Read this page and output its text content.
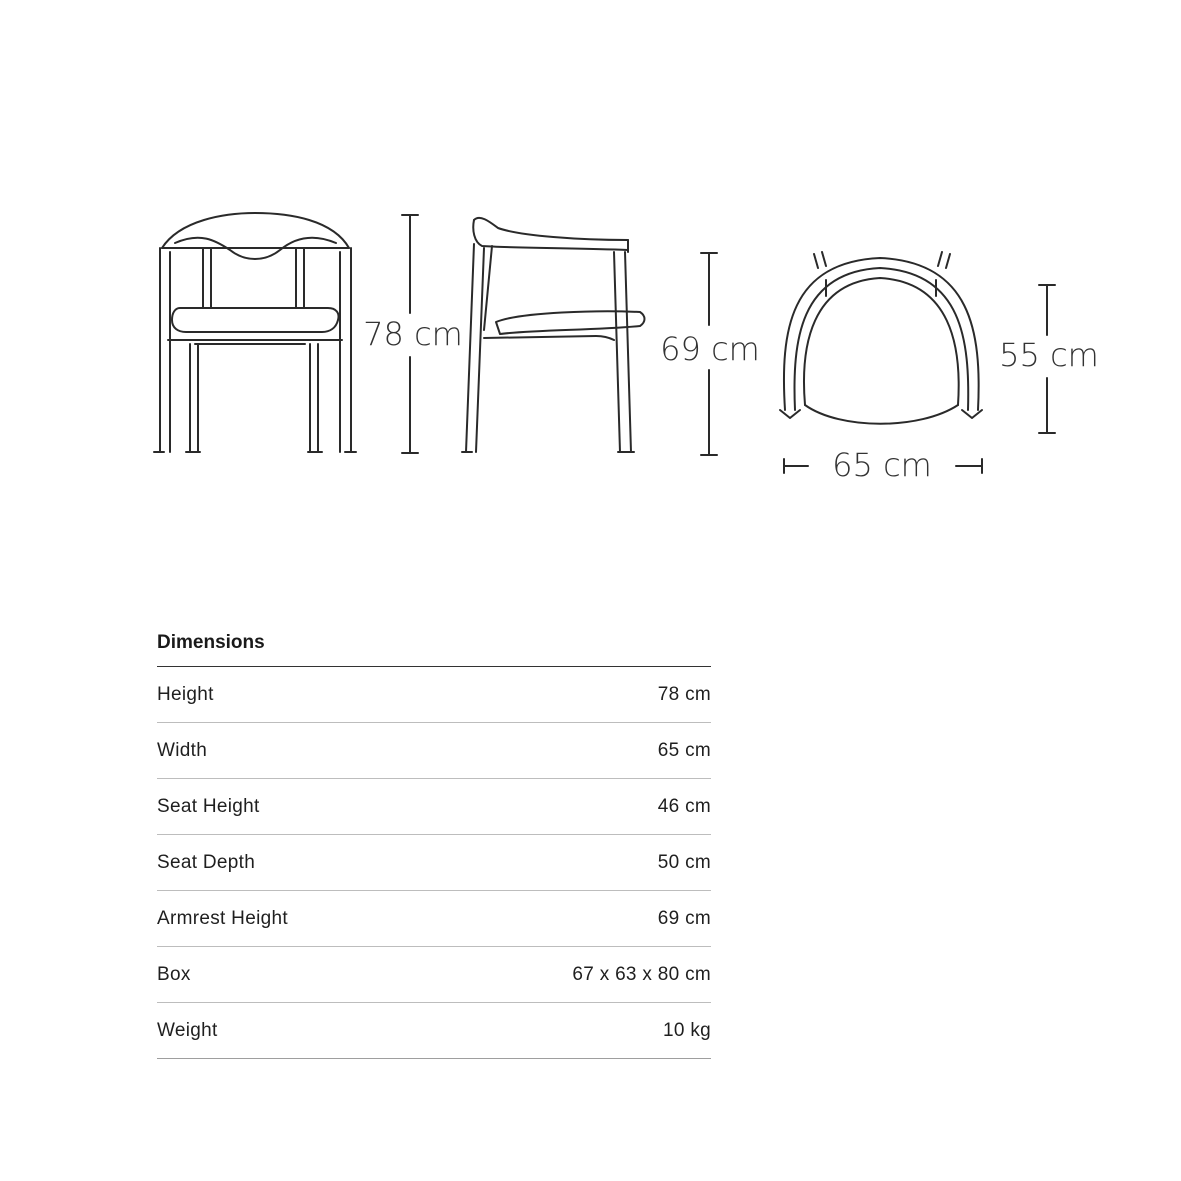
78 cm	69 cm	55 cm
65 cm
Dimensions
Height	78 cm
Width	65 cm
Seat Height	46 cm
Seat Depth	50 cm
Armrest Height	69 cm
Box	67 x 63 x 80 cm
Weight	10 kg
